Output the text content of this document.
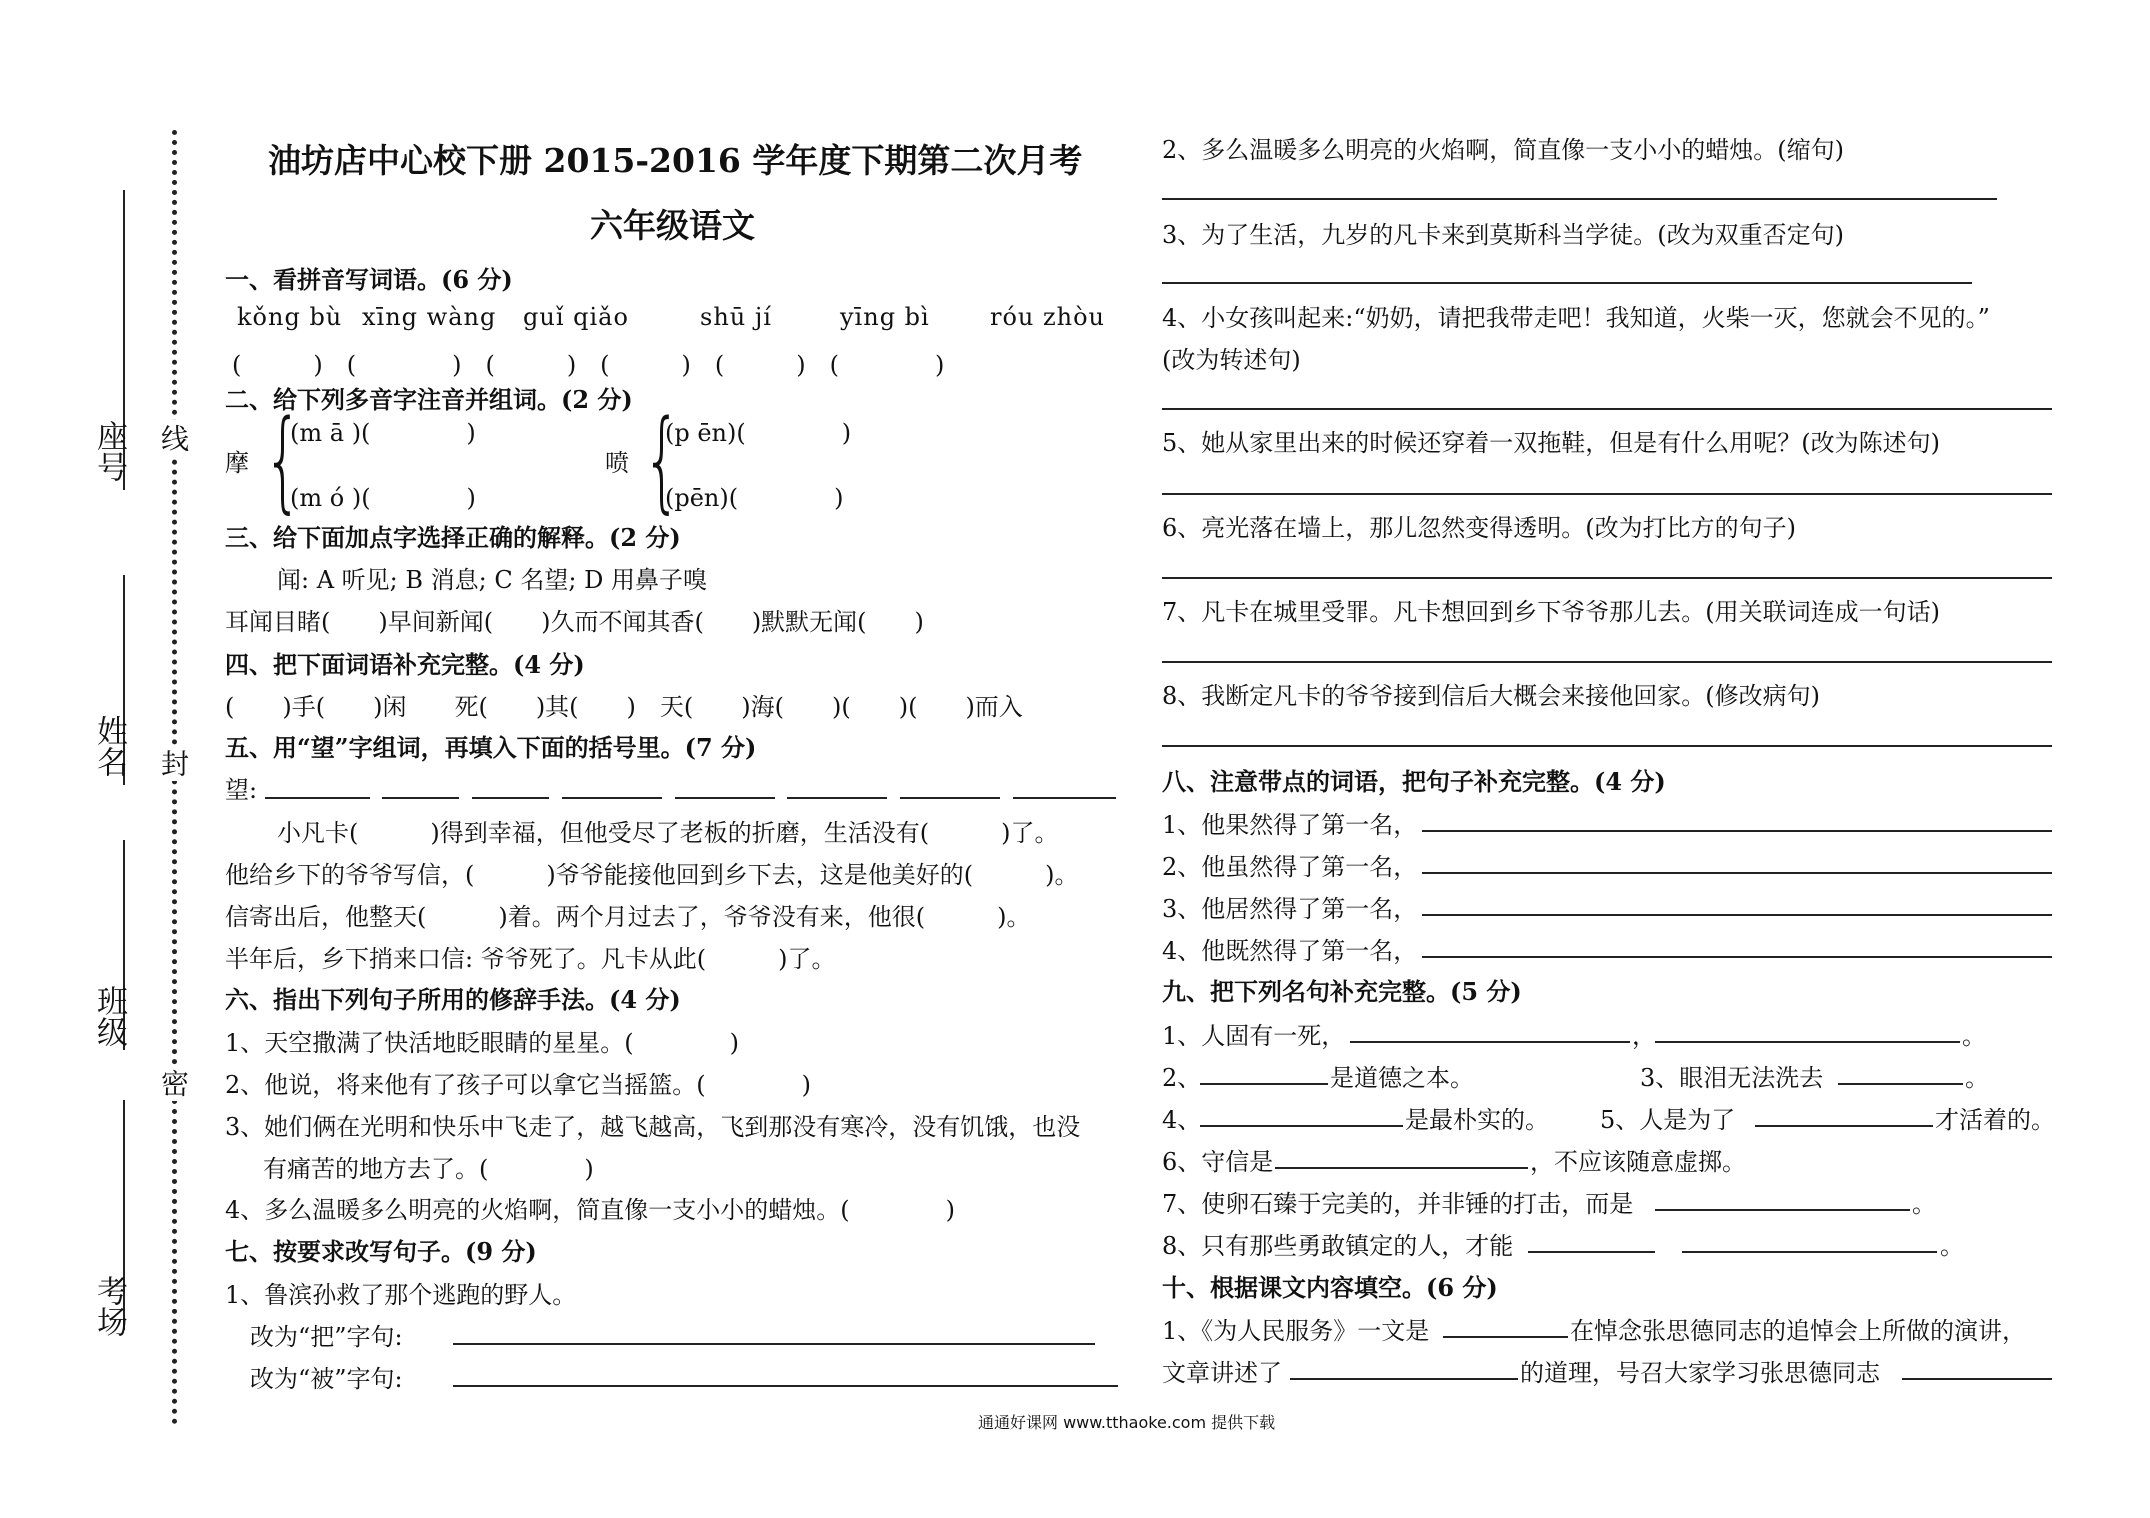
座号
姓名
班级
考场
线
封
密
油坊店中心校下册 2015-2016 学年度下期第二次月考
六年级语文
一、看拼音写词语。(6 分)
kǒng bù xīng wàng guǐ qiǎo	shū jí	yīng bì	róu zhòu
(　　　)　(　　　　)　(　　　)　(　　　)　(　　　)　(　　　　)
二、给下列多音字注音并组词。(2 分)
摩 {
(m ā )(　　　　)
(m ó )(　　　　)
喷 {
(p ēn)(　　　　)
(pēn)(　　　　)
三、给下面加点字选择正确的解释。(2 分)
闻: A 听见; B 消息; C 名望; D 用鼻子嗅
耳闻目睹(　　)早间新闻(　　)久而不闻其香(　　)默默无闻(　　)
四、把下面词语补充完整。(4 分)
(　　)手(　　)闲　　死(　　)其(　　)　天(　　)海(　　)(　　)(　　)而入
五、用“望”字组词，再填入下面的括号里。(7 分)
望:
小凡卡(　　　)得到幸福，但他受尽了老板的折磨，生活没有(　　　)了。
他给乡下的爷爷写信，(　　　)爷爷能接他回到乡下去，这是他美好的(　　　)。
信寄出后，他整天(　　　)着。两个月过去了，爷爷没有来，他很(　　　)。
半年后，乡下捎来口信: 爷爷死了。凡卡从此(　　　)了。
六、指出下列句子所用的修辞手法。(4 分)
1、天空撒满了快活地眨眼睛的星星。(　　　　)
2、他说，将来他有了孩子可以拿它当摇篮。(　　　　)
3、她们俩在光明和快乐中飞走了，越飞越高，飞到那没有寒冷，没有饥饿，也没
有痛苦的地方去了。(　　　　)
4、多么温暖多么明亮的火焰啊，简直像一支小小的蜡烛。(　　　　)
七、按要求改写句子。(9 分)
1、鲁滨孙救了那个逃跑的野人。
改为“把”字句:
改为“被”字句:
2、多么温暖多么明亮的火焰啊，简直像一支小小的蜡烛。(缩句)
3、为了生活，九岁的凡卡来到莫斯科当学徒。(改为双重否定句)
4、小女孩叫起来:“奶奶，请把我带走吧！我知道，火柴一灭，您就会不见的。”
(改为转述句)
5、她从家里出来的时候还穿着一双拖鞋，但是有什么用呢？(改为陈述句)
6、亮光落在墙上，那儿忽然变得透明。(改为打比方的句子)
7、凡卡在城里受罪。凡卡想回到乡下爷爷那儿去。(用关联词连成一句话)
8、我断定凡卡的爷爷接到信后大概会来接他回家。(修改病句)
八、注意带点的词语，把句子补充完整。(4 分)
1、他果然得了第一名，
2、他虽然得了第一名，
3、他居然得了第一名，
4、他既然得了第一名，
九、把下列名句补充完整。(5 分)
1、人固有一死，	，	。
2、	是道德之本。	3、眼泪无法洗去	。
4、	是最朴实的。 5、人是为了	才活着的。
6、守信是	，不应该随意虚掷。
7、使卵石臻于完美的，并非锤的打击，而是	。
8、只有那些勇敢镇定的人，才能	。
十、根据课文内容填空。(6 分)
1、《为人民服务》一文是	在悼念张思德同志的追悼会上所做的演讲，
文章讲述了	的道理，号召大家学习张思德同志
通通好课网 www.tthaoke.com 提供下载
